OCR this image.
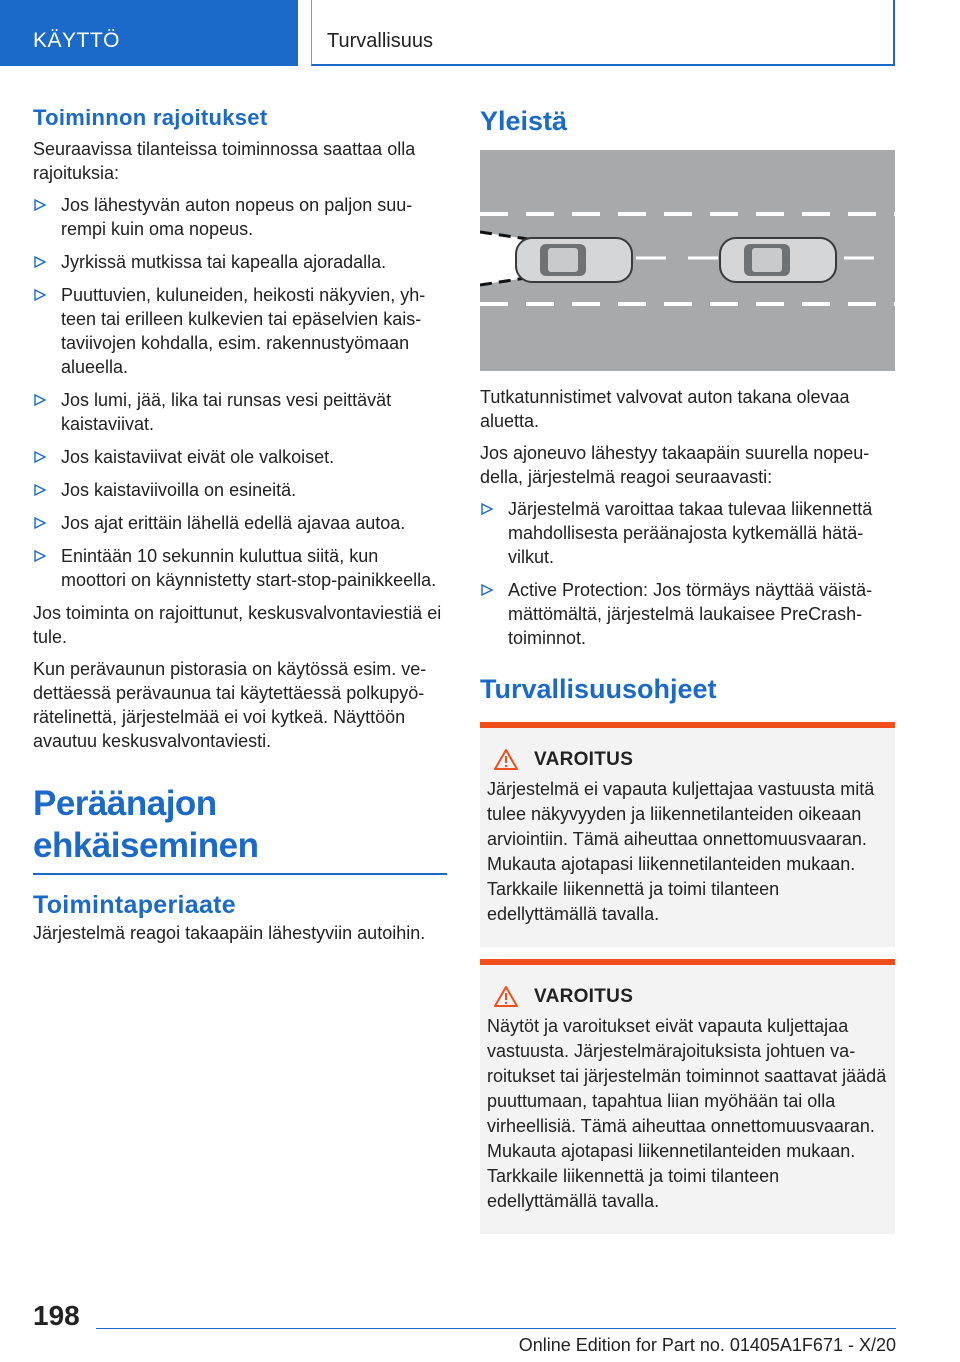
KÄYTTÖ	Turvallisuus
Toiminnon rajoitukset

Seuraavissa tilanteissa toiminnossa saattaa olla rajoituksia:

Jos lähestyvän auton nopeus on paljon suurempi kuin oma nopeus.
Jyrkissä mutkissa tai kapealla ajoradalla.
Puuttuvien, kuluneiden, heikosti näkyvien, yhteen tai erilleen kulkevien tai epäselvien kaistaviivojen kohdalla, esim. rakennustyömaan alueella.
Jos lumi, jää, lika tai runsas vesi peittävät kaistaviivat.
Jos kaistaviivat eivät ole valkoiset.
Jos kaistaviivoilla on esineitä.
Jos ajat erittäin lähellä edellä ajavaa autoa.
Enintään 10 sekunnin kuluttua siitä, kun moottori on käynnistetty start-stop-painikkeella.

Jos toiminta on rajoittunut, keskusvalvontaviestiä ei tule.

Kun perävaunun pistorasia on käytössä esim. vedettäessä perävaunua tai käytettäessä polkupyörätelinettä, järjestelmää ei voi kytkeä. Näyttöön avautuu keskusvalvontaviesti.

Peräänajon ehkäiseminen
Toimintaperiaate

Järjestelmä reagoi takaapäin lähestyviin autoihin.

Yleistä

Tutkatunnistimet valvovat auton takana olevaa aluetta.

Jos ajoneuvo lähestyy takaapäin suurella nopeudella, järjestelmä reagoi seuraavasti:

Järjestelmä varoittaa takaa tulevaa liikennettä mahdollisesta peräänajosta kytkemällä hätävilkut.
Active Protection: Jos törmäys näyttää väistämättömältä, järjestelmä laukaisee PreCrash-toiminnot.
Turvallisuusohjeet
VAROITUS

Järjestelmä ei vapauta kuljettajaa vastuusta mitä tulee näkyvyyden ja liikennetilanteiden oikeaan arviointiin. Tämä aiheuttaa onnettomuusvaaran. Mukauta ajotapasi liikennetilanteiden mukaan. Tarkkaile liikennettä ja toimi tilanteen edellyttämällä tavalla.

VAROITUS

Näytöt ja varoitukset eivät vapauta kuljettajaa vastuusta. Järjestelmärajoituksista johtuen varoitukset tai järjestelmän toiminnot saattavat jäädä puuttumaan, tapahtua liian myöhään tai olla virheellisiä. Tämä aiheuttaa onnettomuusvaaran. Mukauta ajotapasi liikennetilanteiden mukaan. Tarkkaile liikennettä ja toimi tilanteen edellyttämällä tavalla.

198
Online Edition for Part no. 01405A1F671 - X/20
